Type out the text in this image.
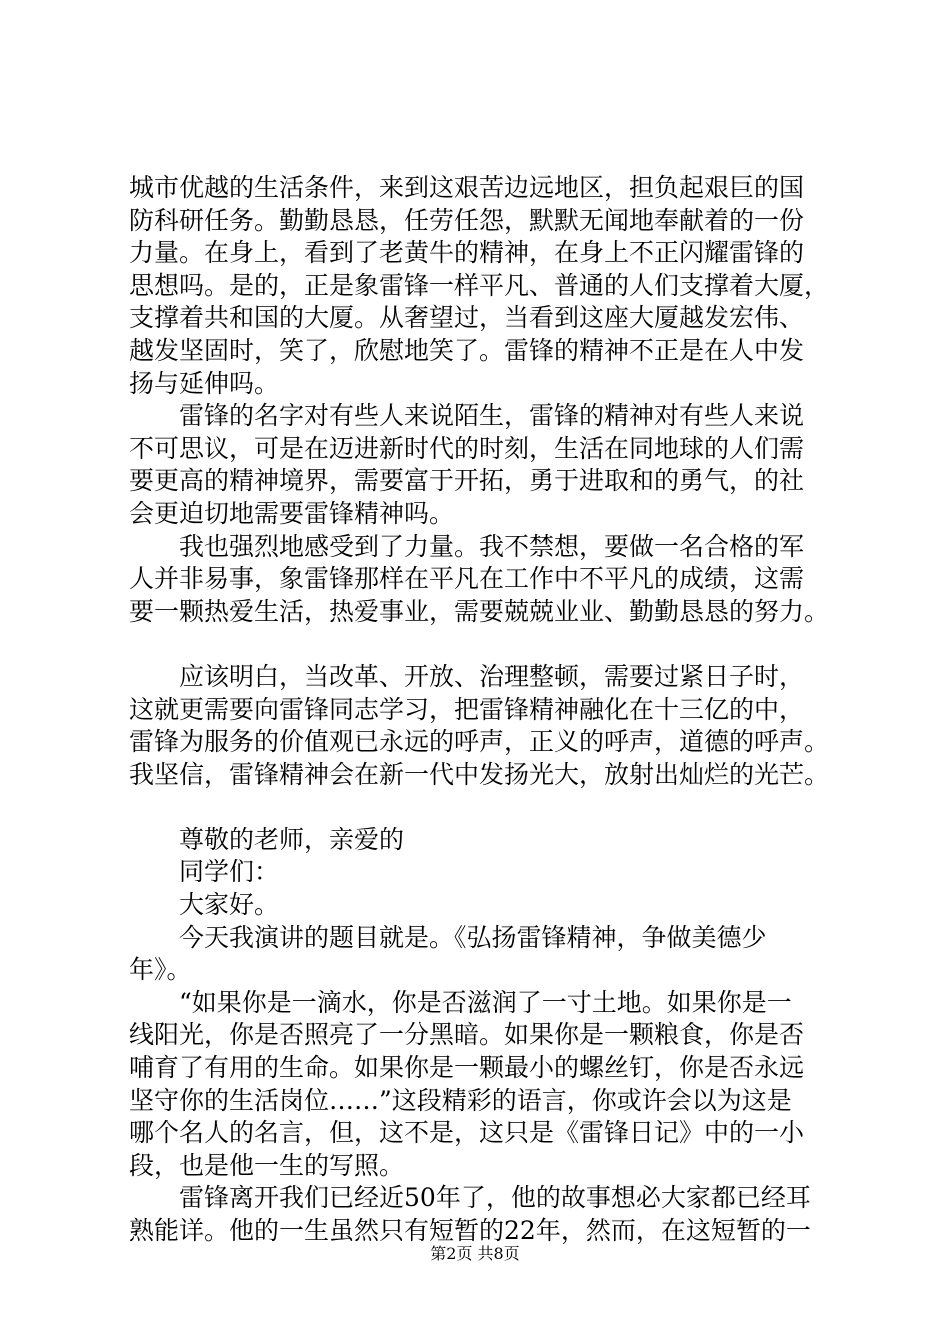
城市优越的生活条件，来到这艰苦边远地区，担负起艰巨的国
防科研任务。勤勤恳恳，任劳任怨，默默无闻地奉献着的一份
力量。在身上，看到了老黄牛的精神，在身上不正闪耀雷锋的
思想吗。是的，正是象雷锋一样平凡、普通的人们支撑着大厦，
支撑着共和国的大厦。从奢望过，当看到这座大厦越发宏伟、
越发坚固时，笑了，欣慰地笑了。雷锋的精神不正是在人中发
扬与延伸吗。
　　雷锋的名字对有些人来说陌生，雷锋的精神对有些人来说
不可思议，可是在迈进新时代的时刻，生活在同地球的人们需
要更高的精神境界，需要富于开拓，勇于进取和的勇气，的社
会更迫切地需要雷锋精神吗。
　　我也强烈地感受到了力量。我不禁想，要做一名合格的军
人并非易事，象雷锋那样在平凡在工作中不平凡的成绩，这需
要一颗热爱生活，热爱事业，需要兢兢业业、勤勤恳恳的努力。
　　应该明白，当改革、开放、治理整顿，需要过紧日子时，
这就更需要向雷锋同志学习，把雷锋精神融化在十三亿的中，
雷锋为服务的价值观已永远的呼声，正义的呼声，道德的呼声。
我坚信，雷锋精神会在新一代中发扬光大，放射出灿烂的光芒。
　　尊敬的老师，亲爱的
　　同学们：
　　大家好。
　　今天我演讲的题目就是。《弘扬雷锋精神，争做美德少
年》。
　　“如果你是一滴水，你是否滋润了一寸土地。如果你是一
线阳光，你是否照亮了一分黑暗。如果你是一颗粮食，你是否
哺育了有用的生命。如果你是一颗最小的螺丝钉，你是否永远
坚守你的生活岗位……”这段精彩的语言，你或许会以为这是
哪个名人的名言，但，这不是，这只是《雷锋日记》中的一小
段，也是他一生的写照。
　　雷锋离开我们已经近50年了，他的故事想必大家都已经耳
熟能详。他的一生虽然只有短暂的22年，然而，在这短暂的一
第2页 共8页
